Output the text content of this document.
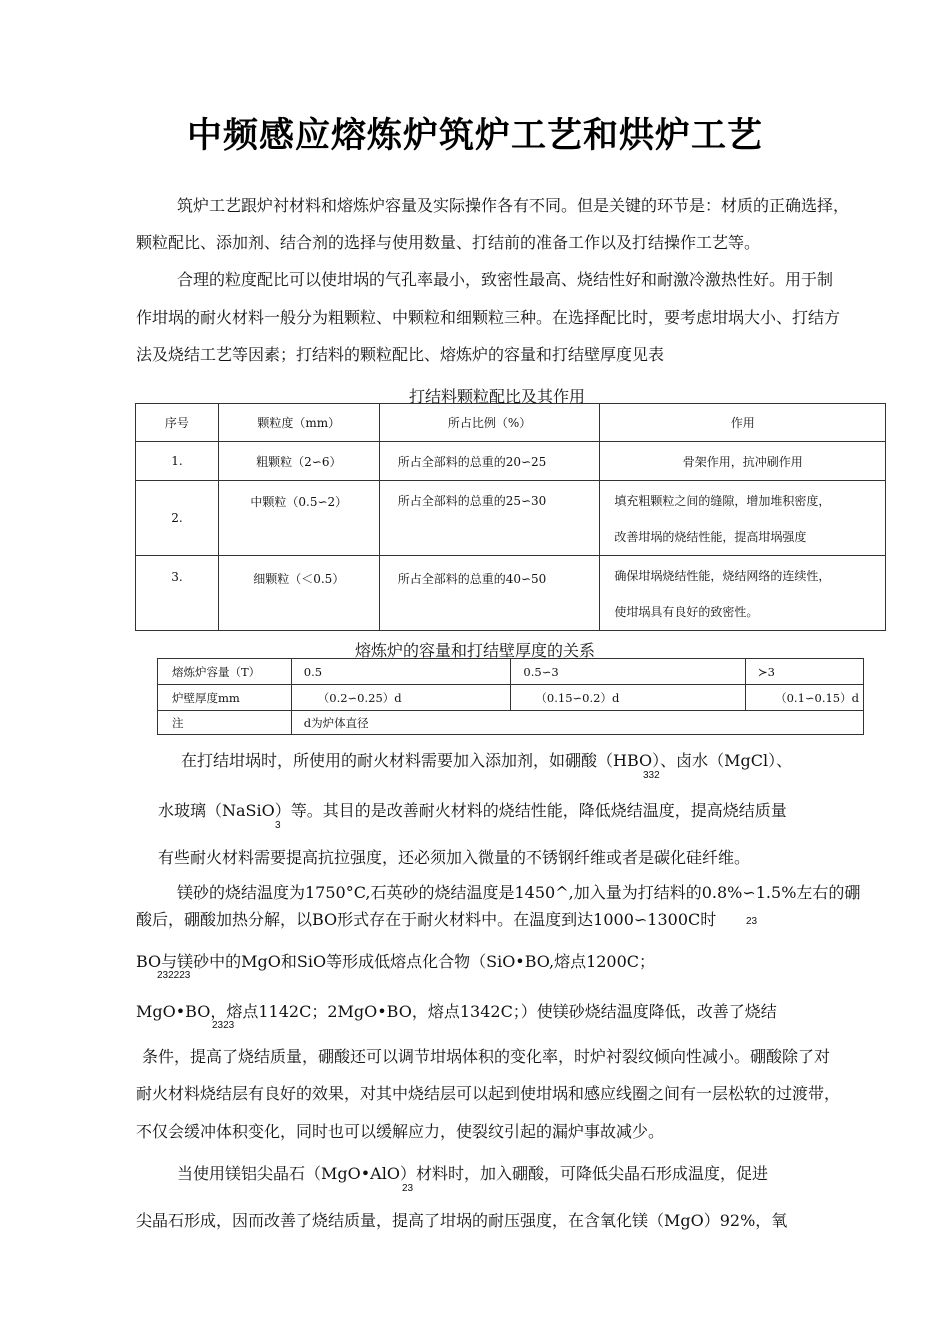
中频感应熔炼炉筑炉工艺和烘炉工艺
筑炉工艺跟炉衬材料和熔炼炉容量及实际操作各有不同。但是关键的环节是：材质的正确选择，
颗粒配比、添加剂、结合剂的选择与使用数量、打结前的准备工作以及打结操作工艺等。
合理的粒度配比可以使坩埚的气孔率最小，致密性最高、烧结性好和耐激冷激热性好。用于制
作坩埚的耐火材料一般分为粗颗粒、中颗粒和细颗粒三种。在选择配比时，要考虑坩埚大小、打结方
法及烧结工艺等因素；打结料的颗粒配比、熔炼炉的容量和打结壁厚度见表
打结料颗粒配比及其作用
序号	颗粒度（mm）	所占比例（%）	作用
1.	粗颗粒（2∽6）	所占全部料的总重的20∽25	骨架作用，抗冲刷作用
2.	中颗粒（0.5∽2）	所占全部料的总重的25∽30	填充粗颗粒之间的缝隙，增加堆积密度，
改善坩埚的烧结性能，提高坩埚强度

3.	细颗粒（＜0.5）	所占全部料的总重的40∽50	确保坩埚烧结性能，烧结网络的连续性，
使坩埚具有良好的致密性。
熔炼炉的容量和打结壁厚度的关系
熔炼炉容量（T）	0.5	0.5∽3	≻3
炉壁厚度mm	（0.2∽0.25）d	（0.15∽0.2）d	（0.1∽0.15）d
注	d为炉体直径		
在打结坩埚时，所使用的耐火材料需要加入添加剂，如硼酸（HBO）、卤水（MgCl）、
332
水玻璃（NaSiO）等。其目的是改善耐火材料的烧结性能，降低烧结温度，提高烧结质量
3
有些耐火材料需要提高抗拉强度，还必须加入微量的不锈钢纤维或者是碳化硅纤维。
镁砂的烧结温度为1750°C,石英砂的烧结温度是1450^,加入量为打结料的0.8%∽1.5%左右的硼
酸后，硼酸加热分解，以BO形式存在于耐火材料中。在温度到达1000∽1300C时	23
BO与镁砂中的MgO和SiO等形成低熔点化合物（SiO•BO,熔点1200C；
232223
MgO•BO，熔点1142C；2MgO•BO，熔点1342C；）使镁砂烧结温度降低，改善了烧结
2323
条件，提高了烧结质量，硼酸还可以调节坩埚体积的变化率，时炉衬裂纹倾向性减小。硼酸除了对
耐火材料烧结层有良好的效果，对其中烧结层可以起到使坩埚和感应线圈之间有一层松软的过渡带，
不仅会缓冲体积变化，同时也可以缓解应力，使裂纹引起的漏炉事故减少。
当使用镁铝尖晶石（MgO•AlO）材料时，加入硼酸，可降低尖晶石形成温度，促进
23
尖晶石形成，因而改善了烧结质量，提高了坩埚的耐压强度，在含氧化镁（MgO）92%，氧
